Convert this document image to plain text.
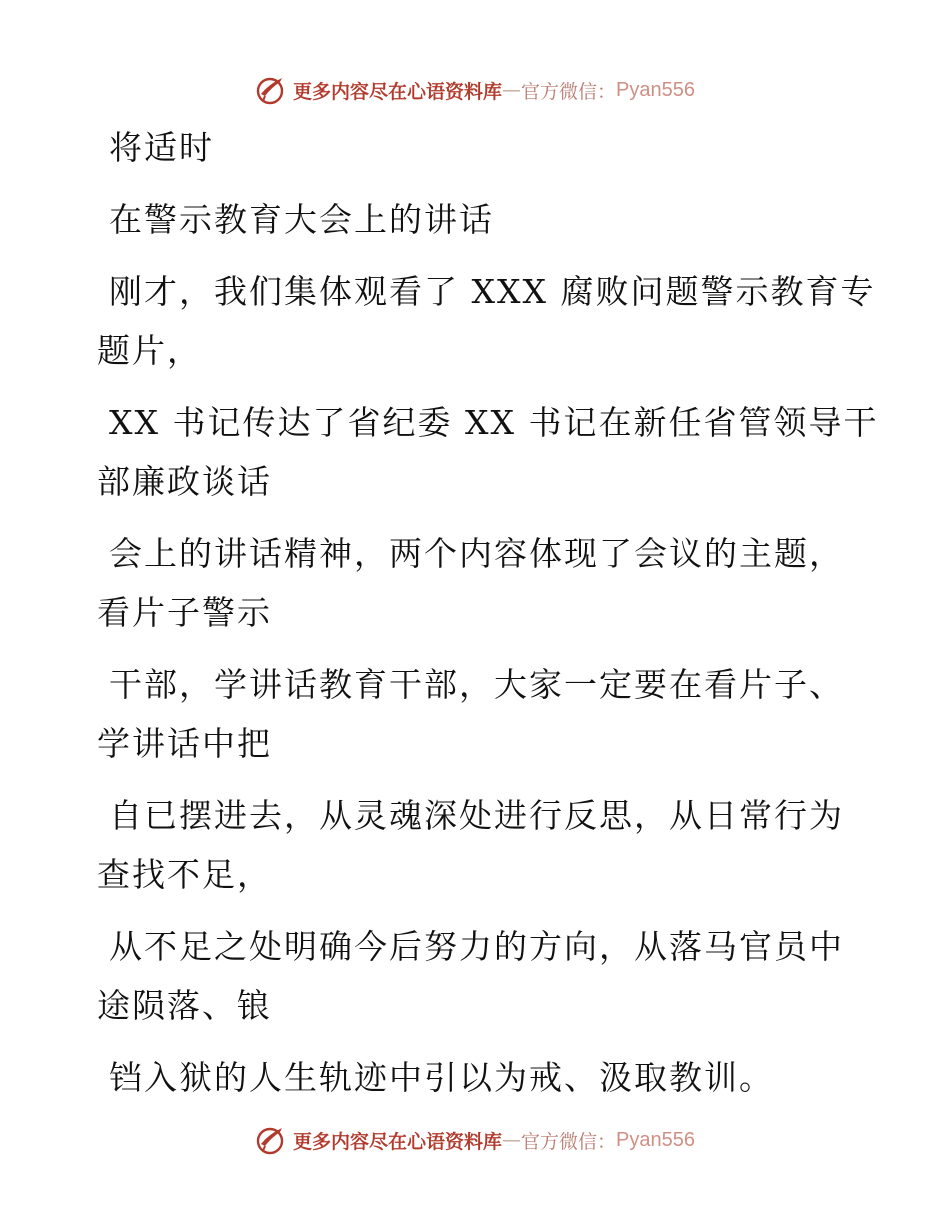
更多内容尽在心语资料库 — 官方微信： Pyan556

将适时

在警示教育大会上的讲话

刚才，我们集体观看了 XXX 腐败问题警示教育专
题片，

XX 书记传达了省纪委 XX 书记在新任省管领导干
部廉政谈话

会上的讲话精神，两个内容体现了会议的主题，
看片子警示

干部，学讲话教育干部，大家一定要在看片子、
学讲话中把

自已摆进去，从灵魂深处进行反思，从日常行为
查找不足，

从不足之处明确今后努力的方向，从落马官员中
途陨落、锒

铛入狱的人生轨迹中引以为戒、汲取教训。

更多内容尽在心语资料库 — 官方微信： Pyan556
